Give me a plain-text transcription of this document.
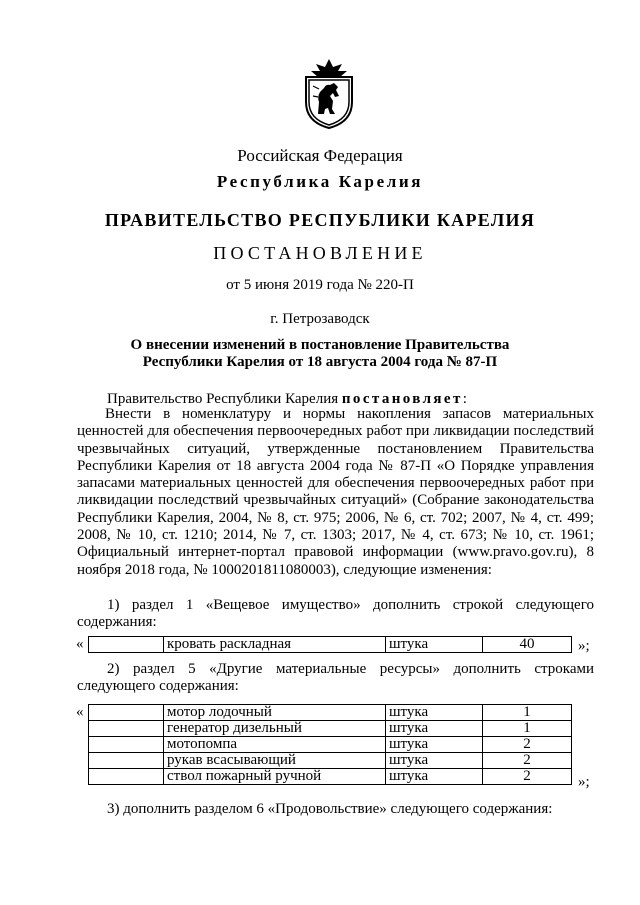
Российская Федерация
Республика Карелия
ПРАВИТЕЛЬСТВО РЕСПУБЛИКИ КАРЕЛИЯ
ПОСТАНОВЛЕНИЕ
от 5 июня 2019 года № 220-П
г. Петрозаводск
О внесении изменений в постановление Правительства
Республики Карелия от 18 августа 2004 года № 87-П
Правительство Республики Карелия постановляет:
Внести в номенклатуру и нормы накопления запасов материальных ценностей для обеспечения первоочередных работ при ликвидации последствий чрезвычайных ситуаций, утвержденные постановлением Правительства Республики Карелия от 18 августа 2004 года № 87-П «О Порядке управления запасами материальных ценностей для обеспечения первоочередных работ при ликвидации последствий чрезвычайных ситуаций» (Собрание законодательства Республики Карелия, 2004, № 8, ст. 975; 2006, № 6, ст. 702; 2007, № 4, ст. 499; 2008, № 10, ст. 1210; 2014, № 7, ст. 1303; 2017, № 4, ст. 673; № 10, ст. 1961; Официальный интернет-портал правовой информации (www.pravo.gov.ru), 8 ноября 2018 года, № 1000201811080003), следующие изменения:
1) раздел 1 «Вещевое имущество» дополнить строкой следующего содержания:
«
		кровать раскладная	штука	40	»;
2) раздел 5 «Другие материальные ресурсы» дополнить строками следующего содержания:
«
		мотор лодочный	штука	1
	генератор дизельный	штука	1
	мотопомпа	штука	2
	рукав всасывающий	штука	2
	ствол пожарный ручной	штука	2	»;
3) дополнить разделом 6 «Продовольствие» следующего содержания:
